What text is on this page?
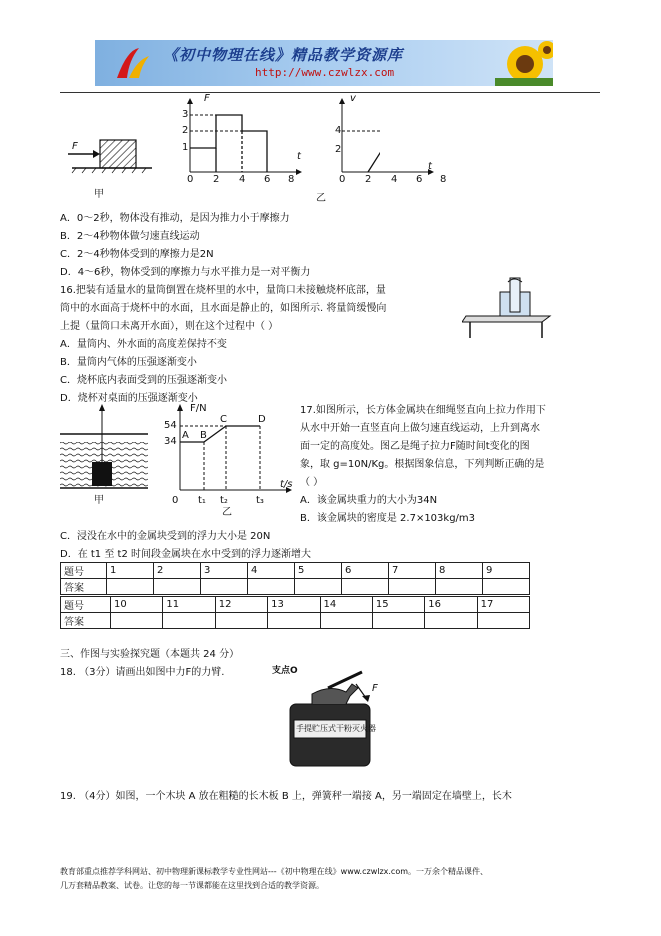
《初中物理在线》精品教学资源库
http://www.czwlzx.com
F
甲
F
t
3
2
1
0 2 4 6 8
v
t
4
2
0 2 4 6 8
乙
A．0～2秒，物体没有推动，是因为推力小于摩擦力
B．2～4秒物体做匀速直线运动
C．2～4秒物体受到的摩擦力是2N
D．4～6秒，物体受到的摩擦力与水平推力是一对平衡力
16.把装有适量水的量筒倒置在烧杯里的水中，量筒口未接触烧杯底部，量
筒中的水面高于烧杯中的水面，且水面是静止的，如图所示. 将量筒缓慢向
上提（量筒口未离开水面），则在这个过程中（ ）
A．量筒内、外水面的高度差保持不变
B．量筒内气体的压强逐渐变小
C．烧杯底内表面受到的压强逐渐变小
D．烧杯对桌面的压强逐渐变小
F/N
t/s
54
34
A B
C	D
0 t₁ t₂	t₃
甲
乙
17.如图所示，长方体金属块在细绳竖直向上拉力作用下
从水中开始一直竖直向上做匀速直线运动，上升到离水
面一定的高度处。图乙是绳子拉力F随时间t变化的图
象，取 g=10N/Kg。根据图象信息，下列判断正确的是
（ ）
A．该金属块重力的大小为34N
B．该金属块的密度是 2.7×103kg/m3
C．浸没在水中的金属块受到的浮力大小是 20N
D．在 t1 至 t2 时间段金属块在水中受到的浮力逐渐增大
题号	1	2	3	4	5	6	7	8	9
答案									
题号	10	11	12	13	14	15	16	17
答案								
三、作图与实验探究题（本题共 24 分）
18. （3分）请画出如图中力F的力臂.	支点O
F
手提贮压式干粉灭火器
19. （4分）如图，一个木块 A 放在粗糙的长木板 B 上，弹簧秤一端接 A，另一端固定在墙壁上，长木
教育部重点推荐学科网站、初中物理新课标教学专业性网站---《初中物理在线》www.czwlzx.com。一万余个精品课件、
几万套精品教案、试卷。让您的每一节课都能在这里找到合适的教学资源。
